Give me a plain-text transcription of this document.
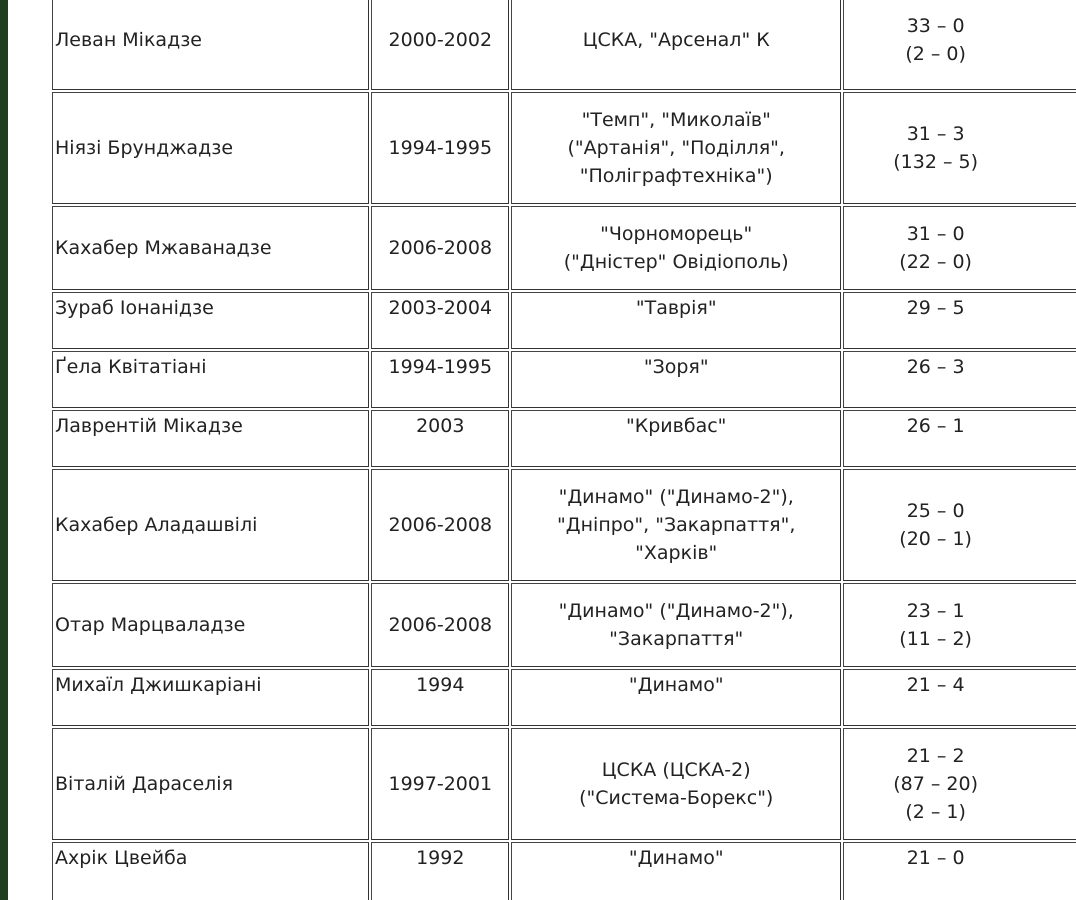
Леван Мікадзе	2000-2002	ЦСКА, "Арсенал" К	33 – 0
(2 – 0)

Ніязі Брунджадзе	1994-1995	"Темп", "Миколаїв"
("Артанія", "Поділля",
"Поліграфтехніка")	31 – 3
(132 – 5)

Кахабер Мжаванадзе	2006-2008	"Чорноморець"
("Дністер" Овідіополь)	31 – 0
(22 – 0)

Зураб Іонанідзе	2003-2004	"Таврія"	29 – 5

Ґела Квітатіані	1994-1995	"Зоря"	26 – 3

Лаврентій Мікадзе	2003	"Кривбас"	26 – 1

Кахабер Аладашвілі	2006-2008	"Динамо" ("Динамо-2"),
"Дніпро", "Закарпаття",
"Харків"	25 – 0
(20 – 1)

Отар Марцваладзе	2006-2008	"Динамо" ("Динамо-2"),
"Закарпаття"	23 – 1
(11 – 2)

Михаїл Джишкаріані	1994	"Динамо"	21 – 4

Віталій Дараселія	1997-2001	ЦСКА (ЦСКА-2)
("Система-Борекс")	21 – 2
(87 – 20)
(2 – 1)

Ахрік Цвейба	1992	"Динамо"	21 – 0
